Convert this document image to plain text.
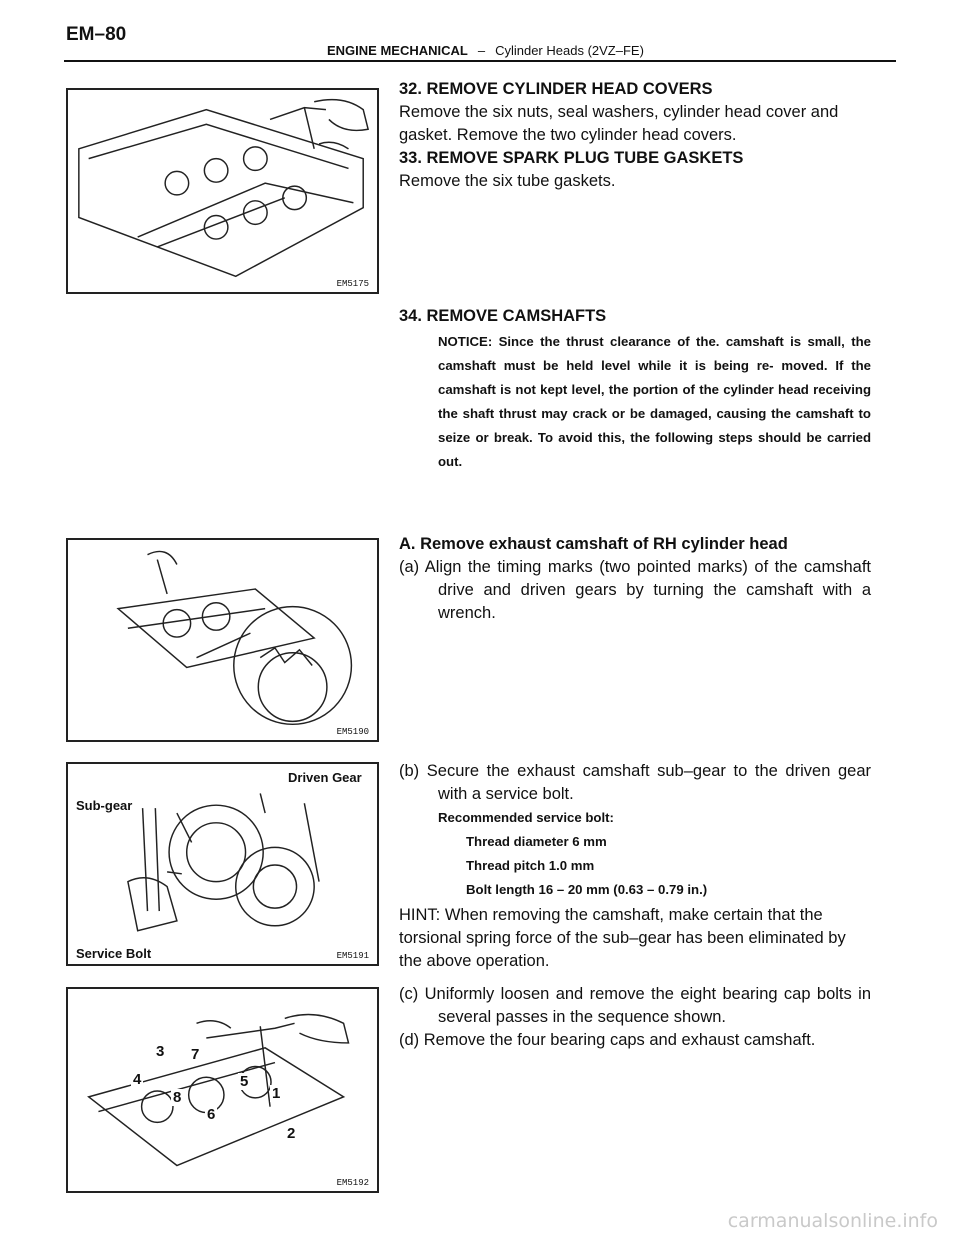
EM–80
ENGINE MECHANICAL – Cylinder Heads (2VZ–FE)
EM5175
EM5190
Sub-gear
Driven Gear
Service Bolt	EM5191
3 7
4
8
5
6
1
2
EM5192
32. REMOVE CYLINDER HEAD COVERS
Remove the six nuts, seal washers, cylinder head cover and gasket. Remove the two cylinder head covers.
33. REMOVE SPARK PLUG TUBE GASKETS
Remove the six tube gaskets.
34. REMOVE CAMSHAFTS
NOTICE: Since the thrust clearance of the. camshaft is small, the camshaft must be held level while it is being re- moved. If the camshaft is not kept level, the portion of the cylinder head receiving the shaft thrust may crack or be damaged, causing the camshaft to seize or break. To avoid this, the following steps should be carried out.
A. Remove exhaust camshaft of RH cylinder head
(a) Align the timing marks (two pointed marks) of the camshaft drive and driven gears by turning the camshaft with a wrench.
(b) Secure the exhaust camshaft sub–gear to the driven gear with a service bolt.
Recommended service bolt:
Thread diameter 6 mm
Thread pitch 1.0 mm
Bolt length 16 – 20 mm (0.63 – 0.79 in.)
HINT: When removing the camshaft, make certain that the torsional spring force of the sub–gear has been eliminated by the above operation.
(c) Uniformly loosen and remove the eight bearing cap bolts in several passes in the sequence shown.
(d) Remove the four bearing caps and exhaust camshaft.
carmanualsonline.info
